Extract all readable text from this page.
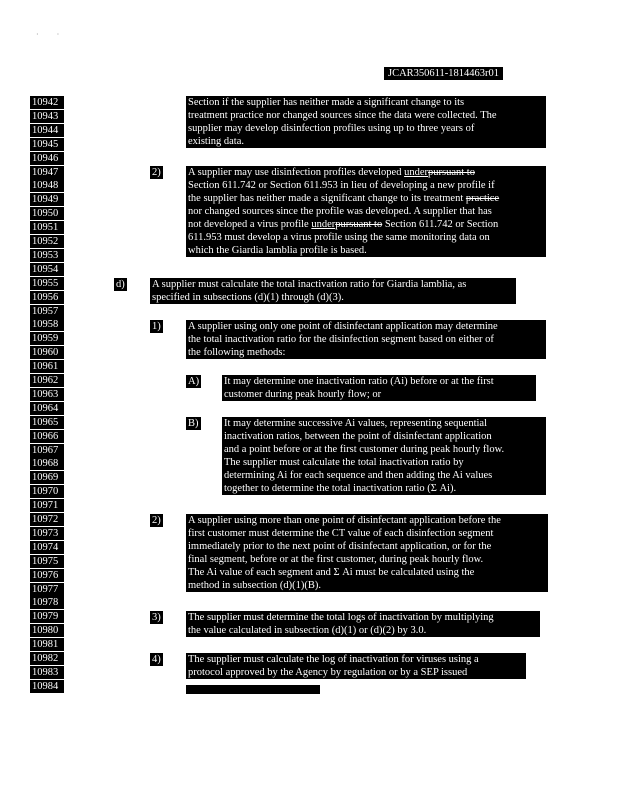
·         ·
JCAR350611-1814463r01
10942
10943
10944
10945
10946
10947
10948
10949
10950
10951
10952
10953
10954
10955
10956
10957
10958
10959
10960
10961
10962
10963
10964
10965
10966
10967
10968
10969
10970
10971
10972
10973
10974
10975
10976
10977
10978
10979
10980
10981
10982
10983
10984
Section if the supplier has neither made a significant change to its
treatment practice nor changed sources since the data were collected. The
supplier may develop disinfection profiles using up to three years of
existing data.
2)	A supplier may use disinfection profiles developed underpursuant to
Section 611.742 or Section 611.953 in lieu of developing a new profile if
the supplier has neither made a significant change to its treatment practice
nor changed sources since the profile was developed. A supplier that has
not developed a virus profile underpursuant to Section 611.742 or Section
611.953 must develop a virus profile using the same monitoring data on
which the Giardia lamblia profile is based.
d)	A supplier must calculate the total inactivation ratio for Giardia lamblia, as
specified in subsections (d)(1) through (d)(3).
1)	A supplier using only one point of disinfectant application may determine
the total inactivation ratio for the disinfection segment based on either of
the following methods:
A) It may determine one inactivation ratio (Ai) before or at the first
customer during peak hourly flow; or
B) It may determine successive Ai values, representing sequential
inactivation ratios, between the point of disinfectant application
and a point before or at the first customer during peak hourly flow.
The supplier must calculate the total inactivation ratio by
determining Ai for each sequence and then adding the Ai values
together to determine the total inactivation ratio (Σ Ai).
2)	A supplier using more than one point of disinfectant application before the
first customer must determine the CT value of each disinfection segment
immediately prior to the next point of disinfectant application, or for the
final segment, before or at the first customer, during peak hourly flow.
The Ai value of each segment and Σ Ai must be calculated using the
method in subsection (d)(1)(B).
3)	The supplier must determine the total logs of inactivation by multiplying
the value calculated in subsection (d)(1) or (d)(2) by 3.0.
4)	The supplier must calculate the log of inactivation for viruses using a
protocol approved by the Agency by regulation or by a SEP issued
